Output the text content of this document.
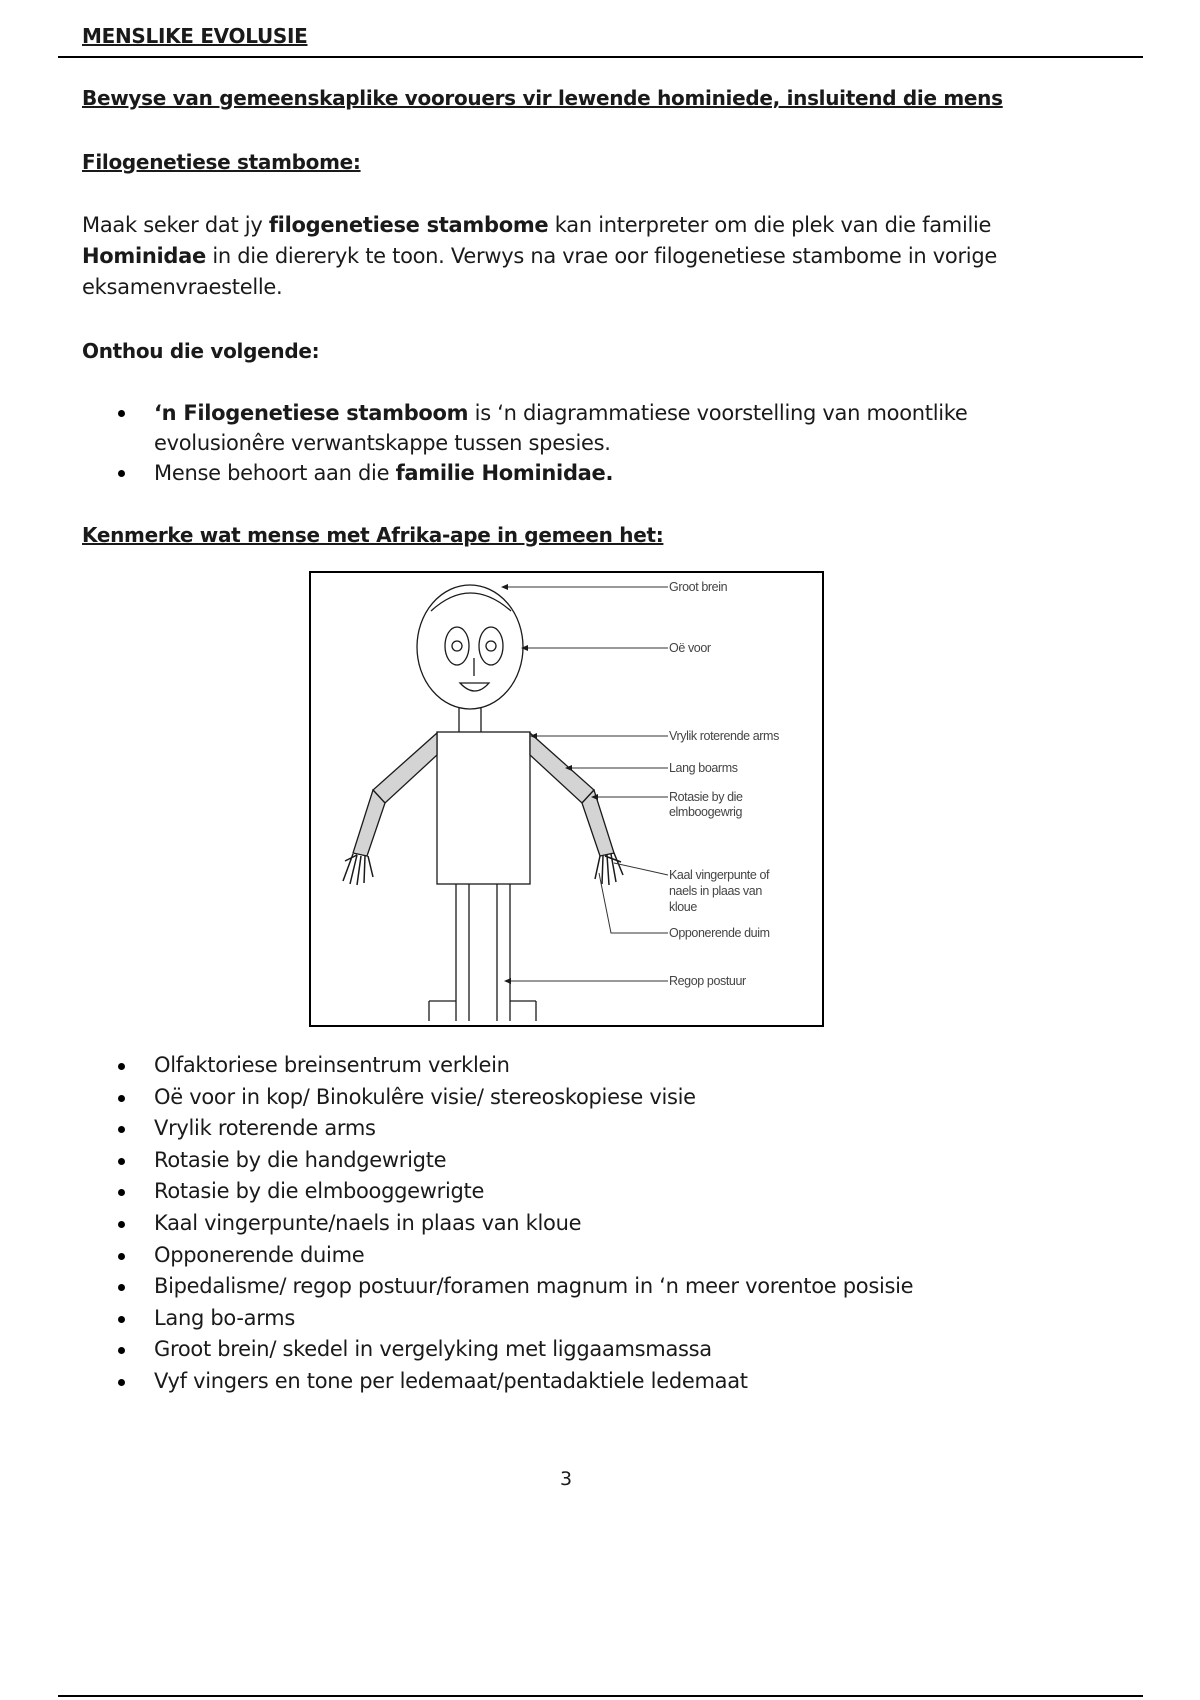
MENSLIKE EVOLUSIE
Bewyse van gemeenskaplike voorouers vir lewende hominiede, insluitend die mens
Filogenetiese stambome:
Maak seker dat jy filogenetiese stambome kan interpreter om die plek van die familie Hominidae in die diereryk te toon. Verwys na vrae oor filogenetiese stambome in vorige eksamenvraestelle.
Onthou die volgende:
‘n Filogenetiese stamboom is ‘n diagrammatiese voorstelling van moontlike evolusionêre verwantskappe tussen spesies.
Mense behoort aan die familie Hominidae.
Kenmerke wat mense met Afrika-ape in gemeen het:
Groot brein
Oë voor
Vrylik roterende arms
Lang boarms
Rotasie by die
elmboogewrig
Kaal vingerpunte of
naels in plaas van
kloue
Opponerende duim
Regop postuur
Olfaktoriese breinsentrum verklein
Oë voor in kop/ Binokulêre visie/ stereoskopiese visie
Vrylik roterende arms
Rotasie by die handgewrigte
Rotasie by die elmbooggewrigte
Kaal vingerpunte/naels in plaas van kloue
Opponerende duime
Bipedalisme/ regop postuur/foramen magnum in ‘n meer vorentoe posisie
Lang bo-arms
Groot brein/ skedel in vergelyking met liggaamsmassa
Vyf vingers en tone per ledemaat/pentadaktiele ledemaat
3
